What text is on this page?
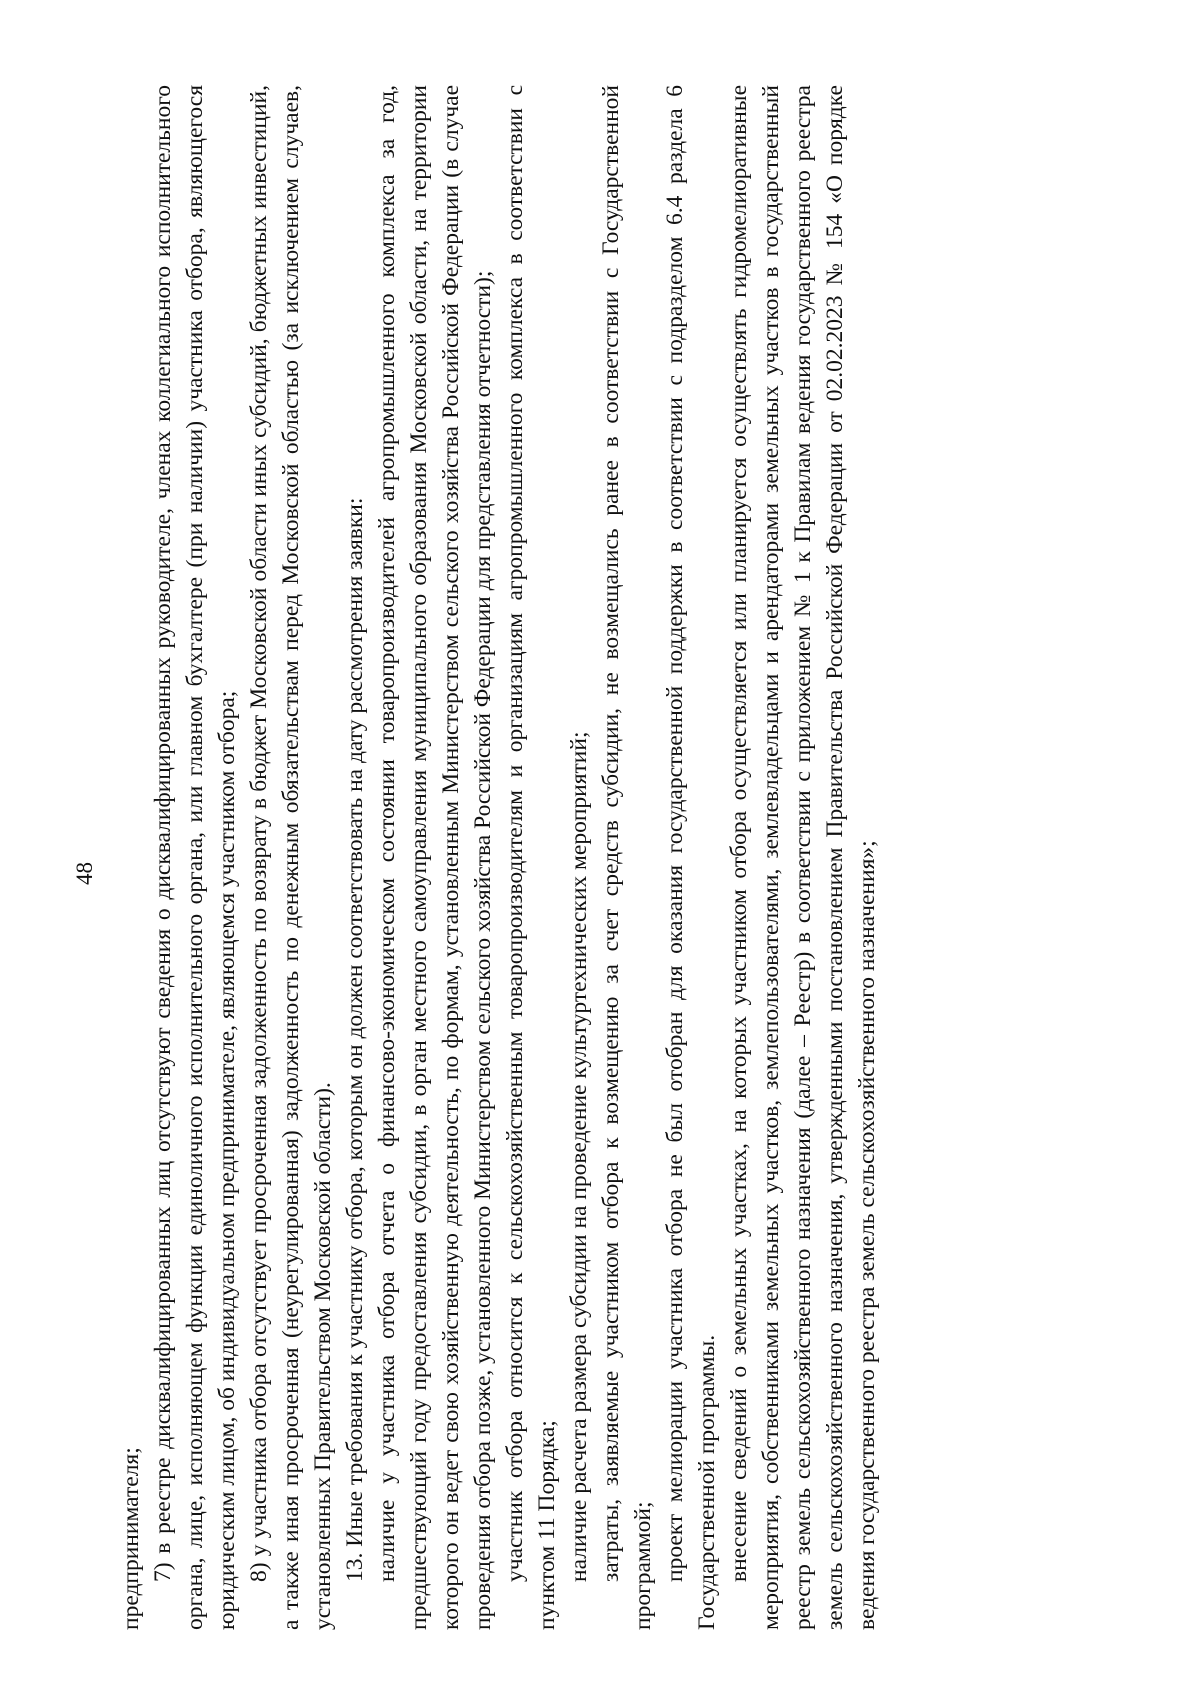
48

предпринимателя; 7) в реестре дисквалифицированных лиц отсутствуют сведения о дисквалифицированных руководителе, членах коллегиального исполнительного органа, лице, исполняющем функции единоличного исполнительного органа, или главном бухгалтере (при наличии) участника отбора, являющегося юридическим лицом, об индивидуальном предпринимателе, являющемся участником отбора; 8) у участника отбора отсутствует просроченная задолженность по возврату в бюджет Московской области иных субсидий, бюджетных инвестиций, а также иная просроченная (неурегулированная) задолженность по денежным обязательствам перед Московской областью (за исключением случаев, установленных Правительством Московской области). 13. Иные требования к участнику отбора, которым он должен соответствовать на дату рассмотрения заявки: наличие у участника отбора отчета о финансово-экономическом состоянии товаропроизводителей агропромышленного комплекса за год, предшествующий году предоставления субсидии, в орган местного самоуправления муниципального образования Московской области, на территории которого он ведет свою хозяйственную деятельность, по формам, установленным Министерством сельского хозяйства Российской Федерации (в случае проведения отбора позже, установленного Министерством сельского хозяйства Российской Федерации для представления отчетности); участник отбора относится к сельскохозяйственным товаропроизводителям и организациям агропромышленного комплекса в соответствии с пунктом 11 Порядка; наличие расчета размера субсидии на проведение культуртехнических мероприятий; затраты, заявляемые участником отбора к возмещению за счет средств субсидии, не возмещались ранее в соответствии с Государственной программой; проект мелиорации участника отбора не был отобран для оказания государственной поддержки в соответствии с подразделом 6.4 раздела 6 Государственной программы. внесение сведений о земельных участках, на которых участником отбора осуществляется или планируется осуществлять гидромелиоративные мероприятия, собственниками земельных участков, землепользователями, землевладельцами и арендаторами земельных участков в государственный реестр земель сельскохозяйственного назначения (далее – Реестр) в соответствии с приложением № 1 к Правилам ведения государственного реестра земель сельскохозяйственного назначения, утвержденными постановлением Правительства Российской Федерации от 02.02.2023 № 154 «О порядке ведения государственного реестра земель сельскохозяйственного назначения»;
